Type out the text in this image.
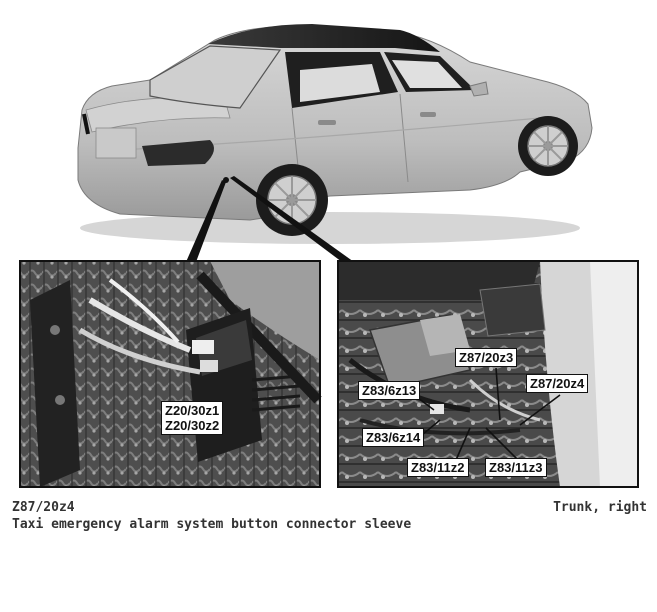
Z20/30z1
Z20/30z2
Z87/20z3
Z87/20z4
Z83/6z13
Z83/6z14
Z83/11z2	Z83/11z3
Z87/20z4
Taxi emergency alarm system button connector sleeve
Trunk, right
